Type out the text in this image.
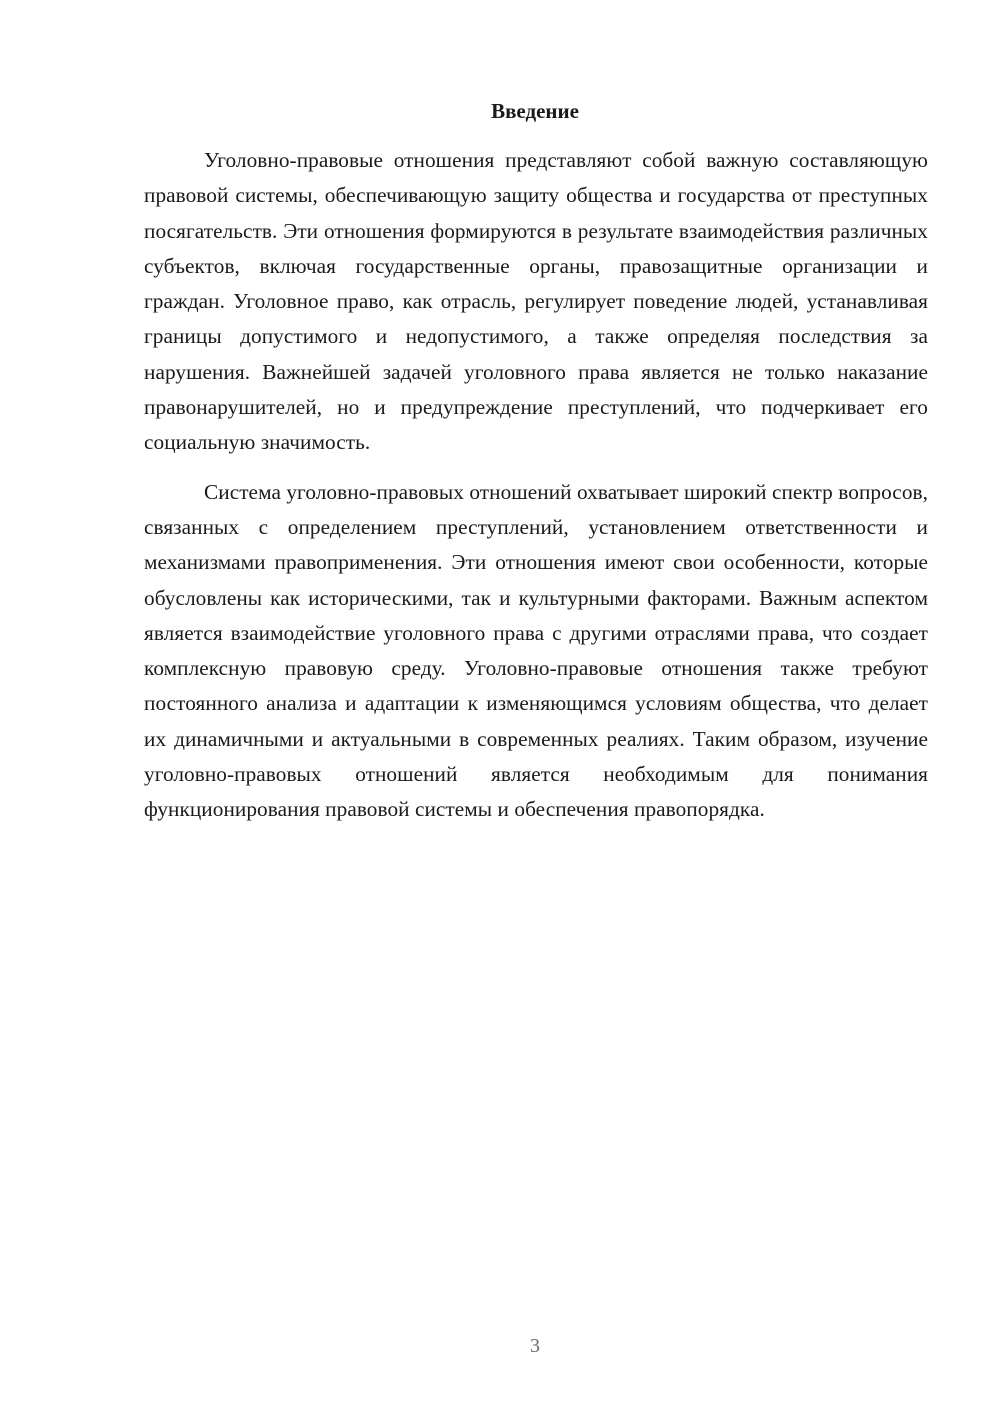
Введение

Уголовно-правовые отношения представляют собой важную составляющую правовой системы, обеспечивающую защиту общества и государства от преступных посягательств. Эти отношения формируются в результате взаимодействия различных субъектов, включая государственные органы, правозащитные организации и граждан. Уголовное право, как отрасль, регулирует поведение людей, устанавливая границы допустимого и недопустимого, а также определяя последствия за нарушения. Важнейшей задачей уголовного права является не только наказание правонарушителей, но и предупреждение преступлений, что подчеркивает его социальную значимость.

Система уголовно-правовых отношений охватывает широкий спектр вопросов, связанных с определением преступлений, установлением ответственности и механизмами правоприменения. Эти отношения имеют свои особенности, которые обусловлены как историческими, так и культурными факторами. Важным аспектом является взаимодействие уголовного права с другими отраслями права, что создает комплексную правовую среду. Уголовно-правовые отношения также требуют постоянного анализа и адаптации к изменяющимся условиям общества, что делает их динамичными и актуальными в современных реалиях. Таким образом, изучение уголовно-правовых отношений является необходимым для понимания функционирования правовой системы и обеспечения правопорядка.

3
